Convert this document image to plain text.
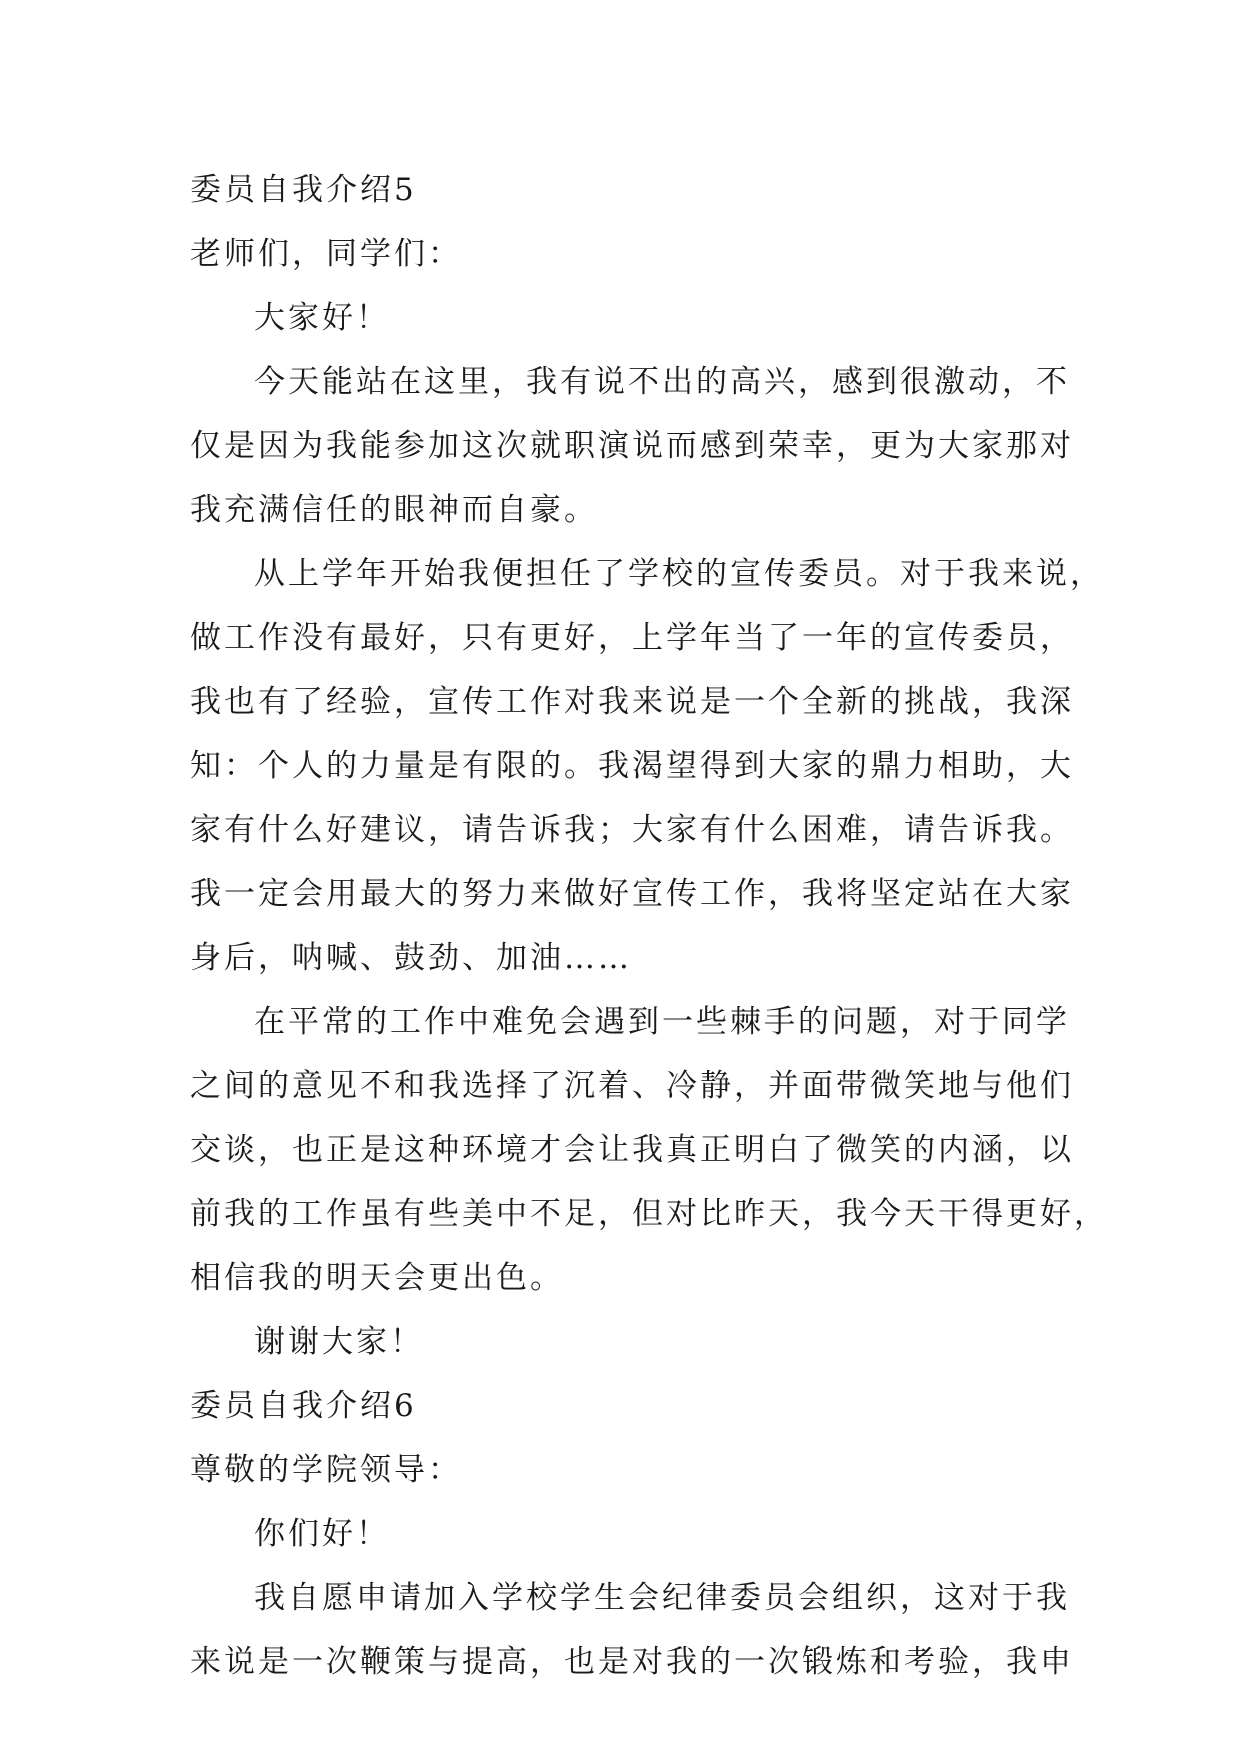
委员自我介绍5
老师们，同学们：
大家好！
今天能站在这里，我有说不出的高兴，感到很激动，不
仅是因为我能参加这次就职演说而感到荣幸，更为大家那对
我充满信任的眼神而自豪。
从上学年开始我便担任了学校的宣传委员。对于我来说，
做工作没有最好，只有更好，上学年当了一年的宣传委员，
我也有了经验，宣传工作对我来说是一个全新的挑战，我深
知：个人的力量是有限的。我渴望得到大家的鼎力相助，大
家有什么好建议，请告诉我；大家有什么困难，请告诉我。
我一定会用最大的努力来做好宣传工作，我将坚定站在大家
身后，呐喊、鼓劲、加油……
在平常的工作中难免会遇到一些棘手的问题，对于同学
之间的意见不和我选择了沉着、冷静，并面带微笑地与他们
交谈，也正是这种环境才会让我真正明白了微笑的内涵，以
前我的工作虽有些美中不足，但对比昨天，我今天干得更好，
相信我的明天会更出色。
谢谢大家！
委员自我介绍6
尊敬的学院领导：
你们好！
我自愿申请加入学校学生会纪律委员会组织，这对于我
来说是一次鞭策与提高，也是对我的一次锻炼和考验，我申
